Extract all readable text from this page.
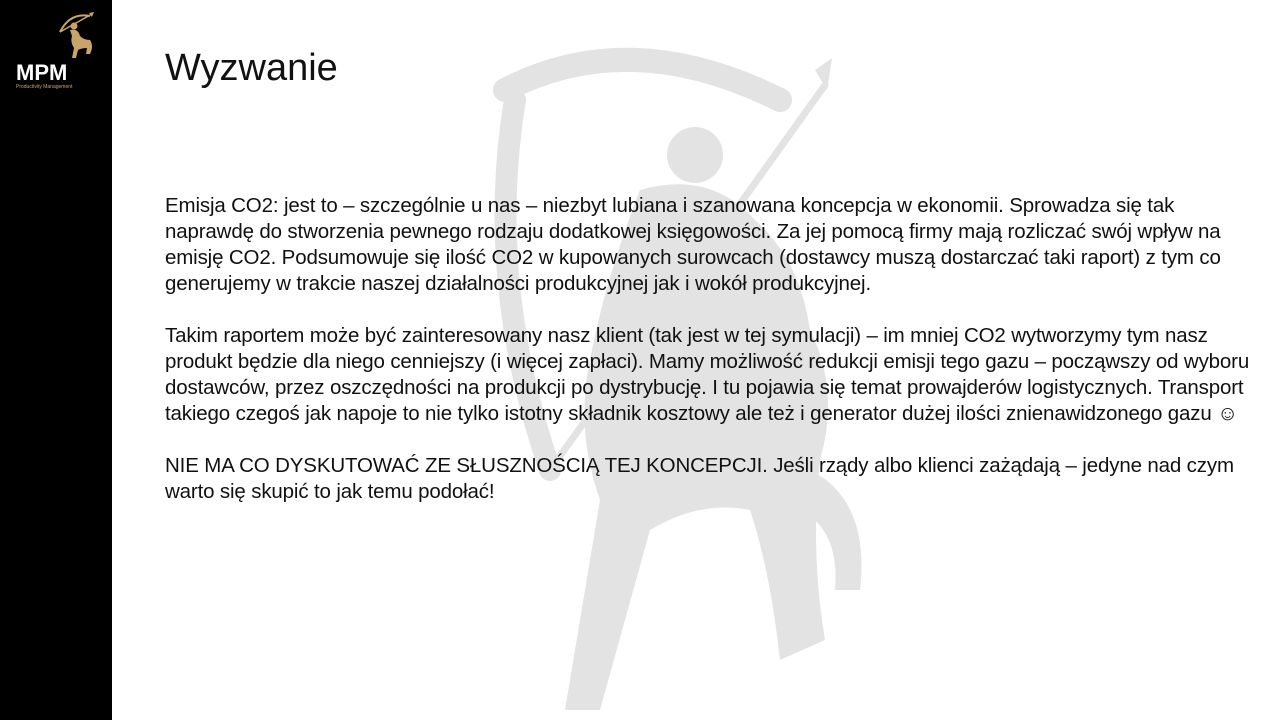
MPM
Productivity Management Wyzwanie

Emisja CO2: jest to – szczególnie u nas – niezbyt lubiana i szanowana koncepcja w ekonomii. Sprowadza się tak naprawdę do stworzenia pewnego rodzaju dodatkowej księgowości. Za jej pomocą firmy mają rozliczać swój wpływ na emisję CO2. Podsumowuje się ilość CO2 w kupowanych surowcach (dostawcy muszą dostarczać taki raport) z tym co generujemy w trakcie naszej działalności produkcyjnej jak i wokół produkcyjnej.

Takim raportem może być zainteresowany nasz klient (tak jest w tej symulacji) – im mniej CO2 wytworzymy tym nasz produkt będzie dla niego cenniejszy (i więcej zapłaci). Mamy możliwość redukcji emisji tego gazu – począwszy od wyboru dostawców, przez oszczędności na produkcji po dystrybucję. I tu pojawia się temat prowajderów logistycznych. Transport takiego czegoś jak napoje to nie tylko istotny składnik kosztowy ale też i generator dużej ilości znienawidzonego gazu ☺

NIE MA CO DYSKUTOWAĆ ZE SŁUSZNOŚCIĄ TEJ KONCEPCJI. Jeśli rządy albo klienci zażądają – jedyne nad czym warto się skupić to jak temu podołać!
